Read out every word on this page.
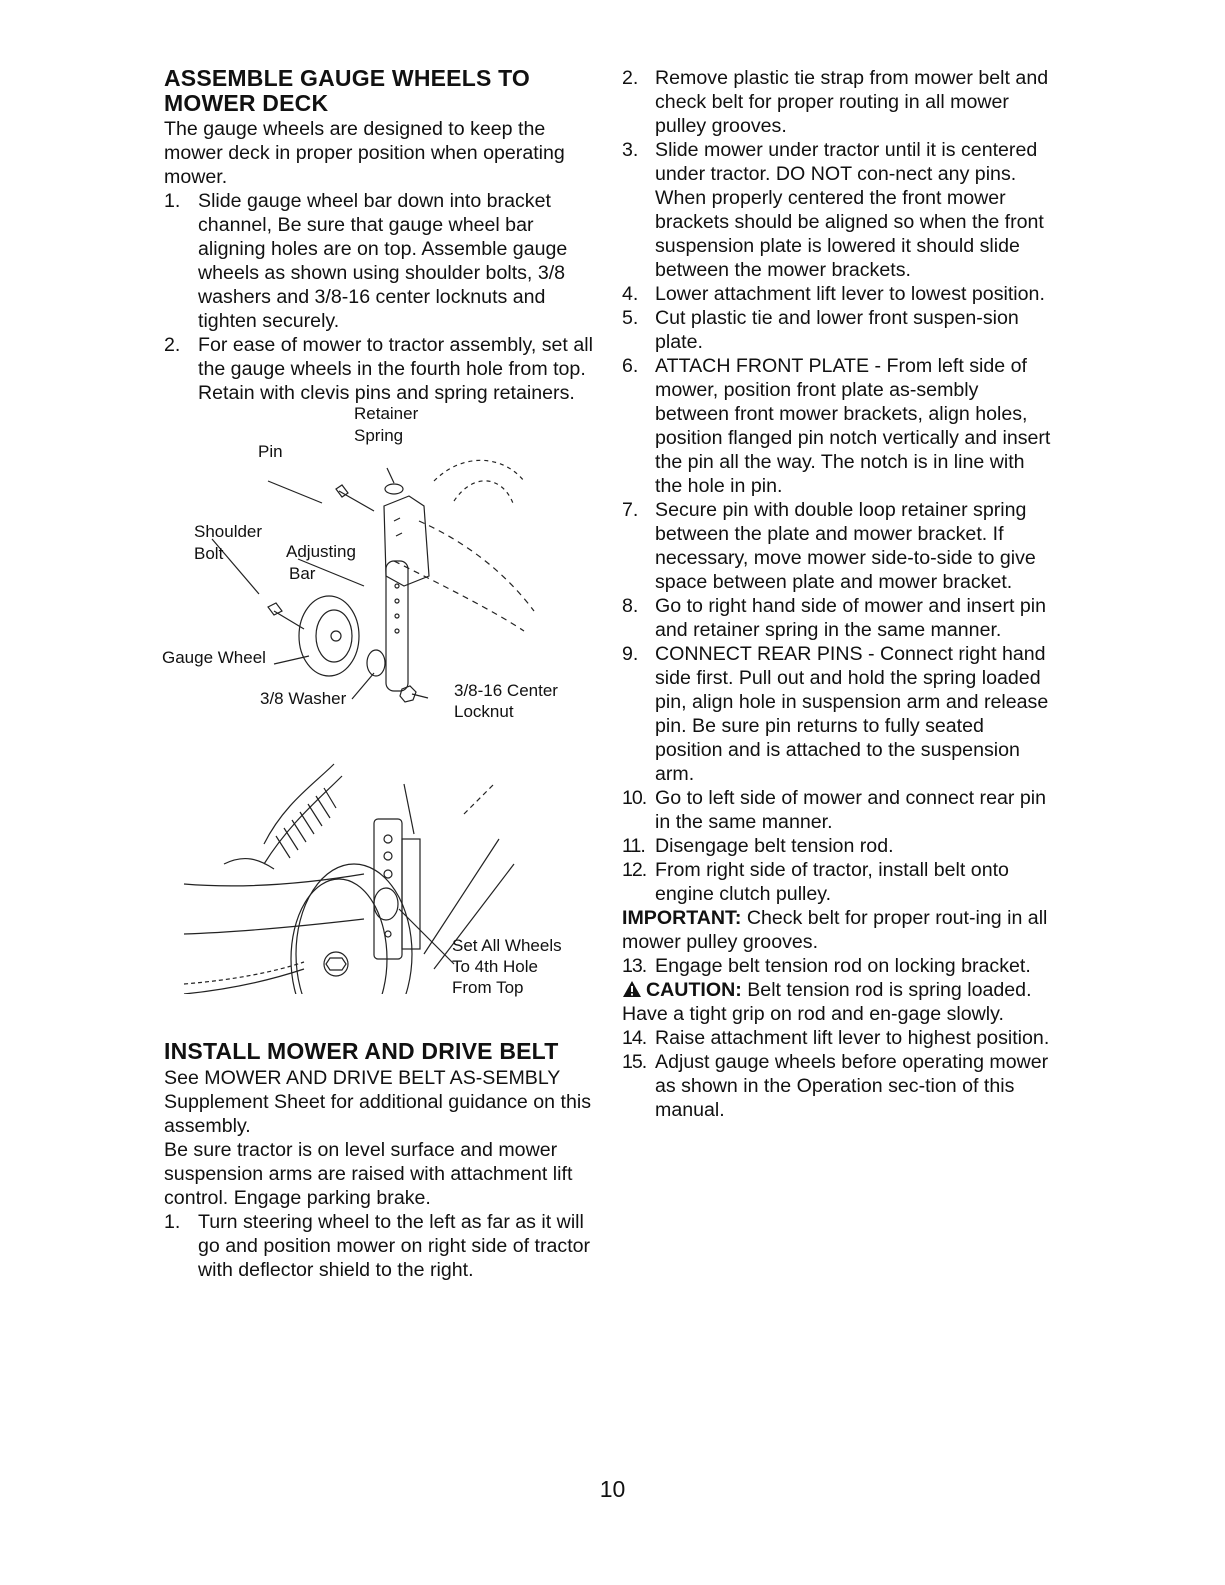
ASSEMBLE GAUGE WHEELS TO MOWER DECK

The gauge wheels are designed to keep the mower deck in proper position when operating mower.

1. Slide gauge wheel bar down into bracket channel, Be sure that gauge wheel bar aligning holes are on top. Assemble gauge wheels as shown using shoulder bolts, 3/8 washers and 3/8-16 center locknuts and tighten securely.
2. For ease of mower to tractor assembly, set all the gauge wheels in the fourth hole from top. Retain with clevis pins and spring retainers.
Retainer
Spring
Pin
Shoulder
Bolt	Adjusting
Bar
Gauge Wheel
3/8 Washer	3/8-16 Center
Locknut
Set All Wheels
To 4th Hole
From Top
INSTALL MOWER AND DRIVE BELT

See MOWER AND DRIVE BELT AS-SEMBLY Supplement Sheet for additional guidance on this assembly.

Be sure tractor is on level surface and mower suspension arms are raised with attachment lift control. Engage parking brake.

1. Turn steering wheel to the left as far as it will go and position mower on right side of tractor with deflector shield to the right.
2. Remove plastic tie strap from mower belt and check belt for proper routing in all mower pulley grooves.
3. Slide mower under tractor until it is centered under tractor. DO NOT con-nect any pins. When properly centered the front mower brackets should be aligned so when the front suspension plate is lowered it should slide between the mower brackets.
4. Lower attachment lift lever to lowest position.
5. Cut plastic tie and lower front suspen-sion plate.
6. ATTACH FRONT PLATE - From left side of mower, position front plate as-sembly between front mower brackets, align holes, position flanged pin notch vertically and insert the pin all the way. The notch is in line with the hole in pin.
7. Secure pin with double loop retainer spring between the plate and mower bracket. If necessary, move mower side-to-side to give space between plate and mower bracket.
8. Go to right hand side of mower and insert pin and retainer spring in the same manner.
9. CONNECT REAR PINS - Connect right hand side first. Pull out and hold the spring loaded pin, align hole in suspension arm and release pin. Be sure pin returns to fully seated position and is attached to the suspension arm.
10. Go to left side of mower and connect rear pin in the same manner.
11. Disengage belt tension rod.
12. From right side of tractor, install belt onto engine clutch pulley.
IMPORTANT: Check belt for proper rout-ing in all mower pulley grooves.
13. Engage belt tension rod on locking bracket.
CAUTION: Belt tension rod is spring loaded. Have a tight grip on rod and en-gage slowly.
14. Raise attachment lift lever to highest position.
15. Adjust gauge wheels before operating mower as shown in the Operation sec-tion of this manual.
10
